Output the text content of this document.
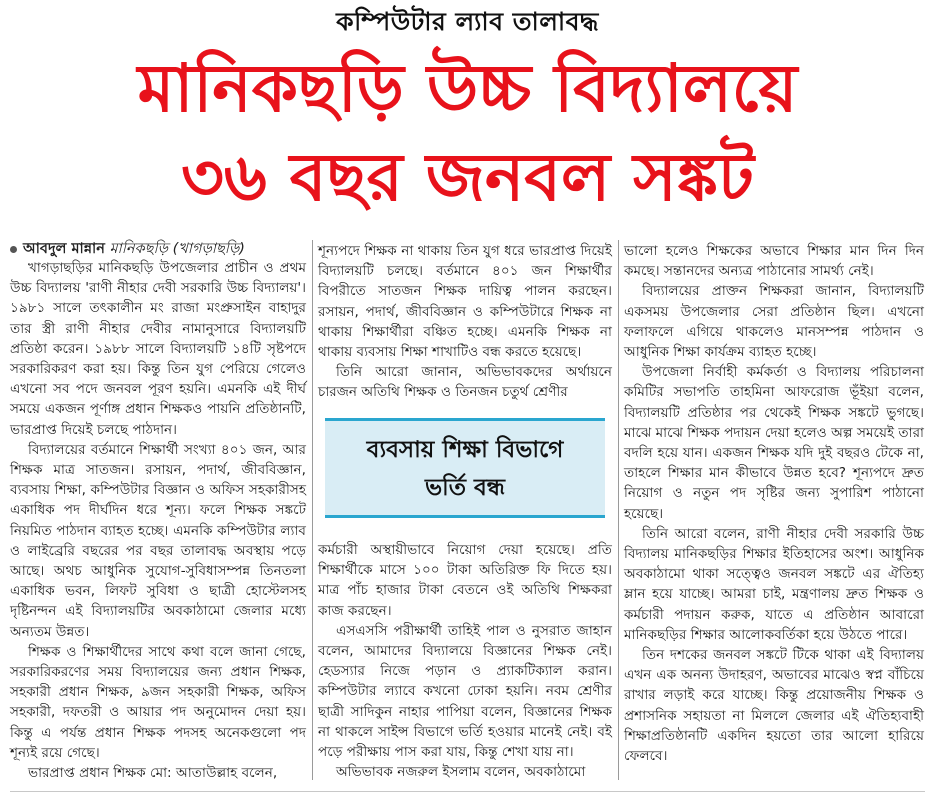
কম্পিউটার ল্যাব তালাবদ্ধ
মানিকছড়ি উচ্চ বিদ্যালয়ে
৩৬ বছর জনবল সঙ্কট
আবদুল মান্নান মানিকছড়ি (খাগড়াছড়ি)

খাগড়াছড়ির মানিকছড়ি উপজেলার প্রাচীন ও প্রথম উচ্চ বিদ্যালয় 'রাণী নীহার দেবী সরকারি উচ্চ বিদ্যালয়'। ১৯৮১ সালে তৎকালীন মং রাজা মংপ্রুসাইন বাহাদুর তার স্ত্রী রাণী নীহার দেবীর নামানুসারে বিদ্যালয়টি প্রতিষ্ঠা করেন। ১৯৮৮ সালে বিদ্যালয়টি ১৪টি সৃষ্টপদে সরকারিকরণ করা হয়। কিন্তু তিন যুগ পেরিয়ে গেলেও এখনো সব পদে জনবল পূরণ হয়নি। এমনকি এই দীর্ঘ সময়ে একজন পূর্ণাঙ্গ প্রধান শিক্ষকও পায়নি প্রতিষ্ঠানটি, ভারপ্রাপ্ত দিয়েই চলছে পাঠদান।

বিদ্যালয়ের বর্তমানে শিক্ষার্থী সংখ্যা ৪০১ জন, আর শিক্ষক মাত্র সাতজন। রসায়ন, পদার্থ, জীববিজ্ঞান, ব্যবসায় শিক্ষা, কম্পিউটার বিজ্ঞান ও অফিস সহকারীসহ একাধিক পদ দীর্ঘদিন ধরে শূন্য। ফলে শিক্ষক সঙ্কটে নিয়মিত পাঠদান ব্যাহত হচ্ছে। এমনকি কম্পিউটার ল্যাব ও লাইব্রেরি বছরের পর বছর তালাবদ্ধ অবস্থায় পড়ে আছে। অথচ আধুনিক সুযোগ-সুবিধাসম্পন্ন তিনতলা একাধিক ভবন, লিফট সুবিধা ও ছাত্রী হোস্টেলসহ দৃষ্টিনন্দন এই বিদ্যালয়টির অবকাঠামো জেলার মধ্যে অন্যতম উন্নত।

শিক্ষক ও শিক্ষার্থীদের সাথে কথা বলে জানা গেছে, সরকারিকরণের সময় বিদ্যালয়ের জন্য প্রধান শিক্ষক, সহকারী প্রধান শিক্ষক, ৯জন সহকারী শিক্ষক, অফিস সহকারী, দফতরী ও আয়ার পদ অনুমোদন দেয়া হয়। কিন্তু এ পর্যন্ত প্রধান শিক্ষক পদসহ অনেকগুলো পদ শূন্যই রয়ে গেছে।

ভারপ্রাপ্ত প্রধান শিক্ষক মো: আতাউল্লাহ বলেন,

শূন্যপদে শিক্ষক না থাকায় তিন যুগ ধরে ভারপ্রাপ্ত দিয়েই বিদ্যালয়টি চলছে। বর্তমানে ৪০১ জন শিক্ষার্থীর বিপরীতে সাতজন শিক্ষক দায়িত্ব পালন করছেন। রসায়ন, পদার্থ, জীববিজ্ঞান ও কম্পিউটারে শিক্ষক না থাকায় শিক্ষার্থীরা বঞ্চিত হচ্ছে। এমনকি শিক্ষক না থাকায় ব্যবসায় শিক্ষা শাখাটিও বন্ধ করতে হয়েছে।

তিনি আরো জানান, অভিভাবকদের অর্থায়নে চারজন অতিথি শিক্ষক ও তিনজন চতুর্থ শ্রেণীর

ব্যবসায় শিক্ষা বিভাগে
ভর্তি বন্ধ

কর্মচারী অস্থায়ীভাবে নিয়োগ দেয়া হয়েছে। প্রতি শিক্ষার্থীকে মাসে ১০০ টাকা অতিরিক্ত ফি দিতে হয়। মাত্র পাঁচ হাজার টাকা বেতনে ওই অতিথি শিক্ষকরা কাজ করছেন।

এসএসসি পরীক্ষার্থী তাহিই পাল ও নুসরাত জাহান বলেন, আমাদের বিদ্যালয়ে বিজ্ঞানের শিক্ষক নেই। হেডস্যার নিজে পড়ান ও প্র্যাকটিক্যাল করান। কম্পিউটার ল্যাবে কখনো ঢোকা হয়নি। নবম শ্রেণীর ছাত্রী সাদিকুন নাহার পাপিয়া বলেন, বিজ্ঞানের শিক্ষক না থাকলে সাইন্স বিভাগে ভর্তি হওয়ার মানেই নেই। বই পড়ে পরীক্ষায় পাস করা যায়, কিন্তু শেখা যায় না।

অভিভাবক নজরুল ইসলাম বলেন, অবকাঠামো

ভালো হলেও শিক্ষকের অভাবে শিক্ষার মান দিন দিন কমছে। সন্তানদের অন্যত্র পাঠানোর সামর্থ্য নেই।

বিদ্যালয়ের প্রাক্তন শিক্ষকরা জানান, বিদ্যালয়টি একসময় উপজেলার সেরা প্রতিষ্ঠান ছিল। এখনো ফলাফলে এগিয়ে থাকলেও মানসম্পন্ন পাঠদান ও আধুনিক শিক্ষা কার্যক্রম ব্যাহত হচ্ছে।

উপজেলা নির্বাহী কর্মকর্তা ও বিদ্যালয় পরিচালনা কমিটির সভাপতি তাহমিনা আফরোজ ভূঁইয়া বলেন, বিদ্যালয়টি প্রতিষ্ঠার পর থেকেই শিক্ষক সঙ্কটে ভুগছে। মাঝে মাঝে শিক্ষক পদায়ন দেয়া হলেও অল্প সময়েই তারা বদলি হয়ে যান। একজন শিক্ষক যদি দুই বছরও টেকে না, তাহলে শিক্ষার মান কীভাবে উন্নত হবে? শূন্যপদে দ্রুত নিয়োগ ও নতুন পদ সৃষ্টির জন্য সুপারিশ পাঠানো হয়েছে।

তিনি আরো বলেন, রাণী নীহার দেবী সরকারি উচ্চ বিদ্যালয় মানিকছড়ির শিক্ষার ইতিহাসের অংশ। আধুনিক অবকাঠামো থাকা সত্ত্বেও জনবল সঙ্কটে এর ঐতিহ্য ম্লান হয়ে যাচ্ছে। আমরা চাই, মন্ত্রণালয় দ্রুত শিক্ষক ও কর্মচারী পদায়ন করুক, যাতে এ প্রতিষ্ঠান আবারো মানিকছড়ির শিক্ষার আলোকবর্তিকা হয়ে উঠতে পারে।

তিন দশকের জনবল সঙ্কটে টিকে থাকা এই বিদ্যালয় এখন এক অনন্য উদাহরণ, অভাবের মাঝেও স্বপ্ন বাঁচিয়ে রাখার লড়াই করে যাচ্ছে। কিন্তু প্রয়োজনীয় শিক্ষক ও প্রশাসনিক সহায়তা না মিললে জেলার এই ঐতিহ্যবাহী শিক্ষাপ্রতিষ্ঠানটি একদিন হয়তো তার আলো হারিয়ে ফেলবে।
